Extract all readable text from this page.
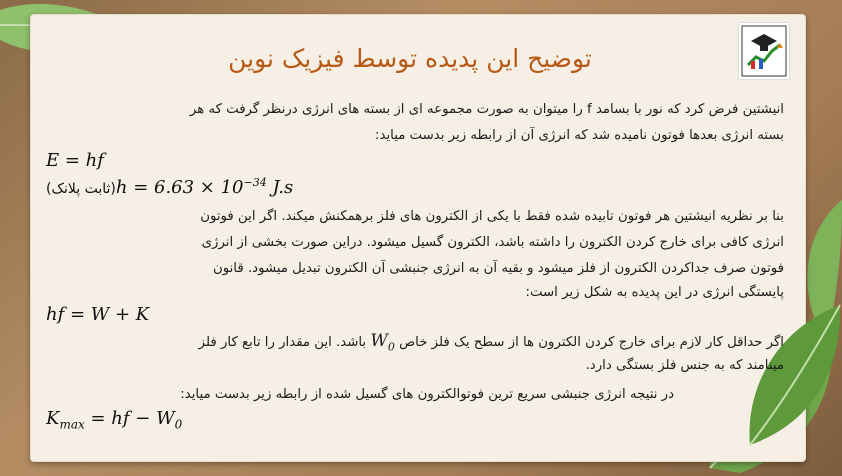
توضیح این پدیده توسط فیزیک نوین
انیشتین فرض کرد که نور با بسامد f را میتوان به صورت مجموعه ای از بسته های انرژی درنظر گرفت که هر
بسته انرژی بعدها فوتون نامیده شد که انرژی آن از رابطه زیر بدست میاید:
E = hf
(ثابت پلانک)h = $6.63 \times 10^{-34}$ J.s
بنا بر نظریه انیشتین هر فوتون تابیده شده فقط با یکی از الکترون های فلز برهمکنش میکند. اگر این فوتون
انرژی کافی برای خارج کردن الکترون را داشته باشد، الکترون گسیل میشود. دراین صورت بخشی از انرژی
فوتون صرف جداکردن الکترون از فلز میشود و بقیه آن به انرژی جنبشی آن الکترون تبدیل میشود. قانون
پایستگی انرژی در این پدیده به شکل زیر است:
hf = W + K
اگر حداقل کار لازم برای خارج کردن الکترون ها از سطح یک فلز خاص $W_0$ باشد. این مقدار را تابع کار فلز
مینامند که به جنس فلز بستگی دارد.
در نتیجه انرژی جنبشی سریع ترین فوتوالکترون های گسیل شده از رابطه زیر بدست میاید:
$K_{max}$ = hf − $W_0$
